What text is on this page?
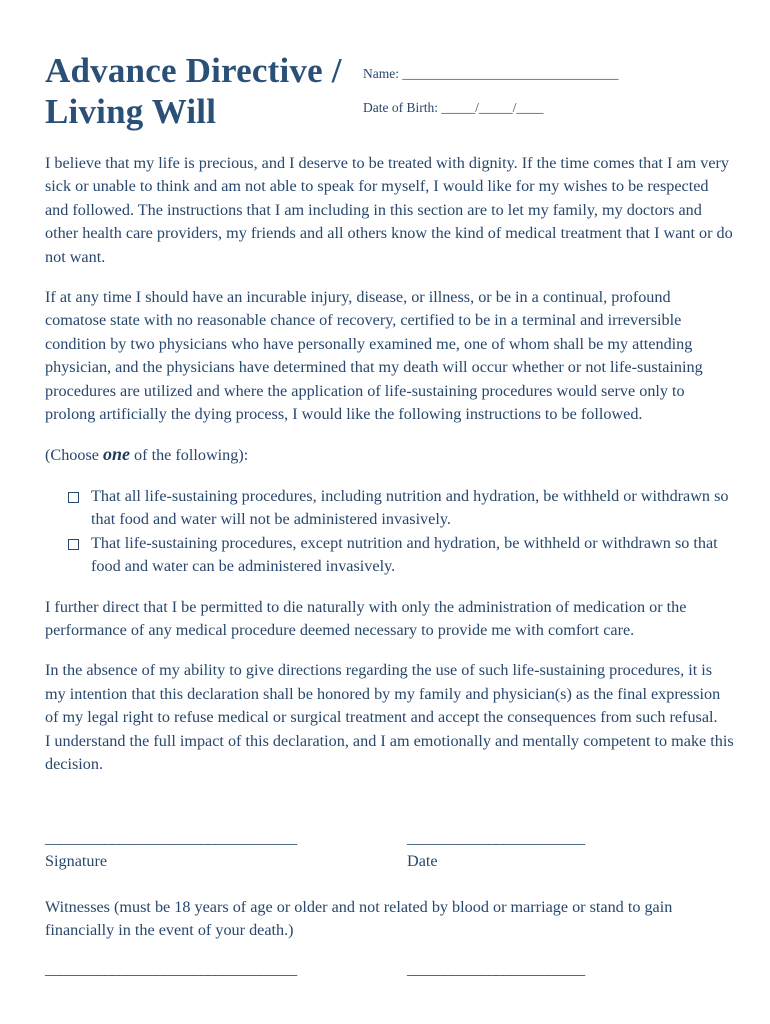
Advance Directive /
Living Will
Name: ________________________________
Date of Birth: _____/_____/____

I believe that my life is precious, and I deserve to be treated with dignity. If the time comes that I am very sick or unable to think and am not able to speak for myself, I would like for my wishes to be respected and followed. The instructions that I am including in this section are to let my family, my doctors and other health care providers, my friends and all others know the kind of medical treatment that I want or do not want.

If at any time I should have an incurable injury, disease, or illness, or be in a continual, profound comatose state with no reasonable chance of recovery, certified to be in a terminal and irreversible condition by two physicians who have personally examined me, one of whom shall be my attending physician, and the physicians have determined that my death will occur whether or not life-sustaining procedures are utilized and where the application of life-sustaining procedures would serve only to prolong artificially the dying process, I would like the following instructions to be followed.

(Choose one of the following):

That all life-sustaining procedures, including nutrition and hydration, be withheld or withdrawn so that food and water will not be administered invasively.
That life-sustaining procedures, except nutrition and hydration, be withheld or withdrawn so that food and water can be administered invasively.

I further direct that I be permitted to die naturally with only the administration of medication or the performance of any medical procedure deemed necessary to provide me with comfort care.

In the absence of my ability to give directions regarding the use of such life-sustaining procedures, it is my intention that this declaration shall be honored by my family and physician(s) as the final expression of my legal right to refuse medical or surgical treatment and accept the consequences from such refusal.

I understand the full impact of this declaration, and I am emotionally and mentally competent to make this decision.

__________________________________	________________________
Signature	Date
Witnesses (must be 18 years of age or older and not related by blood or marriage or stand to gain financially in the event of your death.)
__________________________________	________________________
